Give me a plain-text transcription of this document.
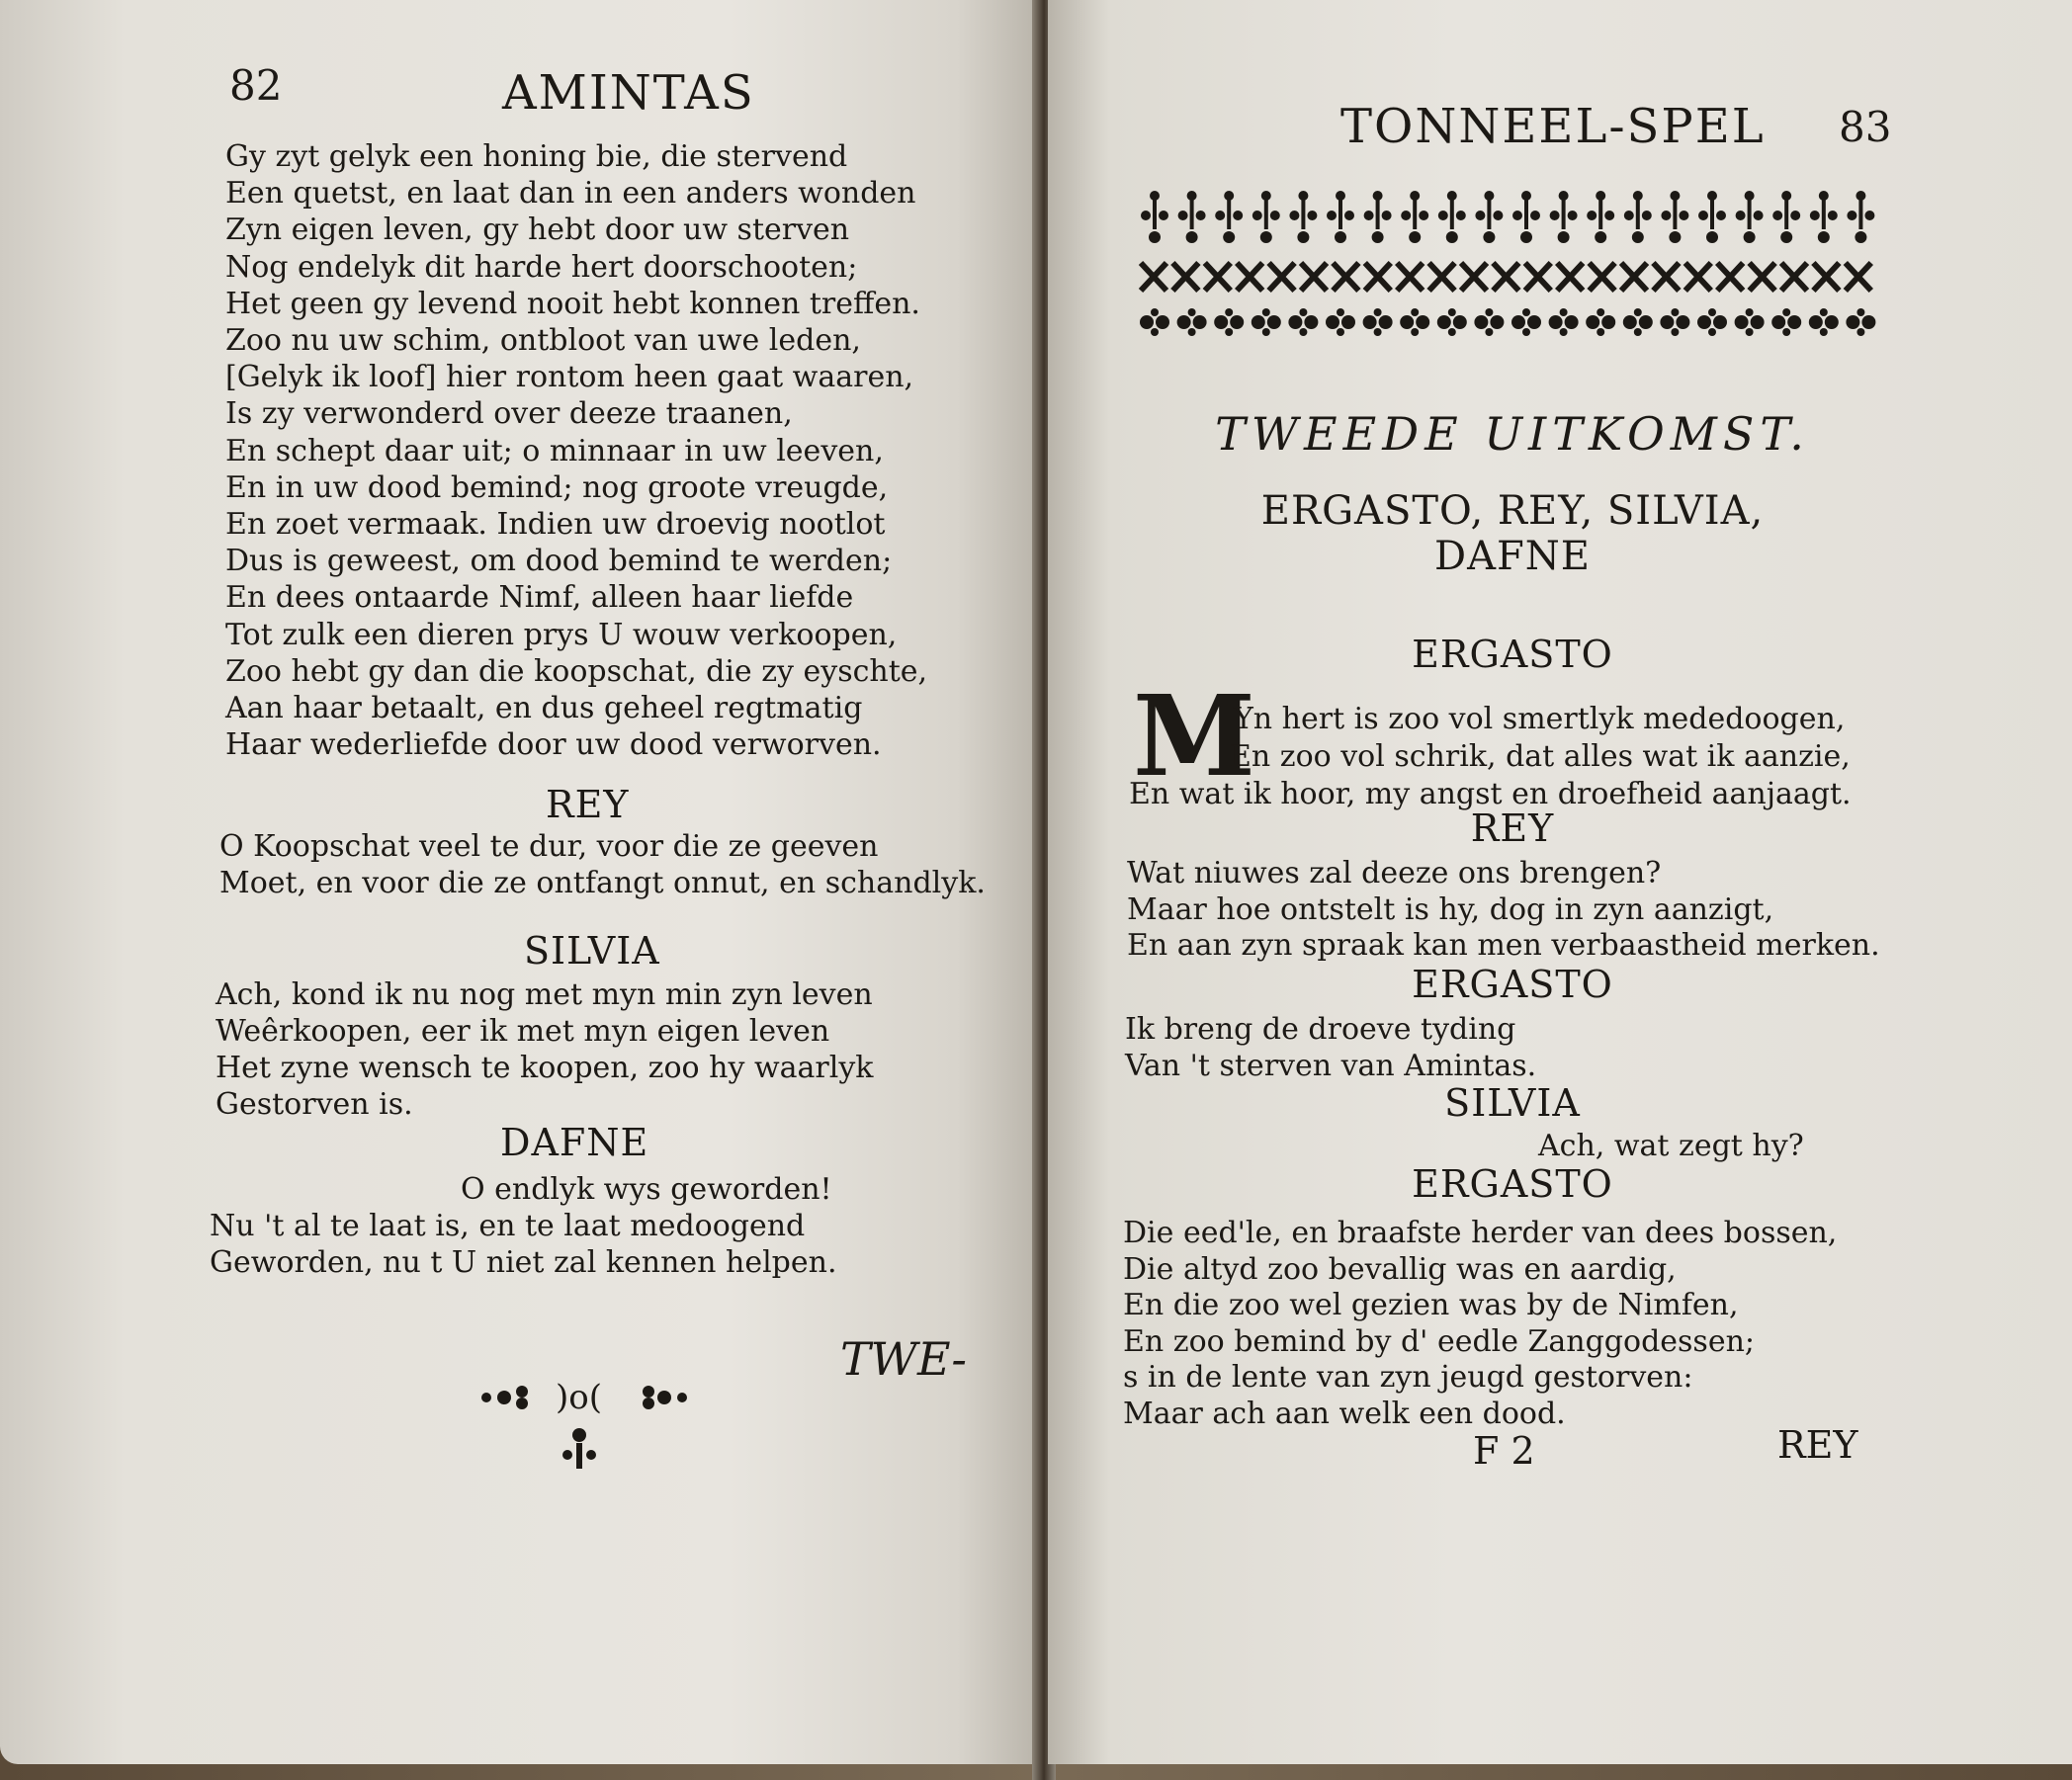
82	AMINTAS
Gy zyt gelyk een honing bie, die stervend
Een quetst, en laat dan in een anders wonden
Zyn eigen leven, gy hebt door uw sterven
Nog endelyk dit harde hert doorschooten;
Het geen gy levend nooit hebt konnen treffen.
Zoo nu uw schim, ontbloot van uwe leden,
[Gelyk ik loof] hier rontom heen gaat waaren,
Is zy verwonderd over deeze traanen,
En schept daar uit; o minnaar in uw leeven,
En in uw dood bemind; nog groote vreugde,
En zoet vermaak. Indien uw droevig nootlot
Dus is geweest, om dood bemind te werden;
En dees ontaarde Nimf, alleen haar liefde
Tot zulk een dieren prys U wouw verkoopen,
Zoo hebt gy dan die koopschat, die zy eyschte,
Aan haar betaalt, en dus geheel regtmatig
Haar wederliefde door uw dood verworven.
REY
O Koopschat veel te dur, voor die ze geeven
Moet, en voor die ze ontfangt onnut, en schandlyk.
SILVIA
Ach, kond ik nu nog met myn min zyn leven
Weêrkoopen, eer ik met myn eigen leven
Het zyne wensch te koopen, zoo hy waarlyk
Gestorven is.
DAFNE
O endlyk wys geworden!
Nu 't al te laat is, en te laat medoogend
Geworden, nu t U niet zal kennen helpen.
TWE-
)o(
TONNEEL-SPEL 83
TWEEDE UITKOMST.
ERGASTO, REY, SILVIA,
DAFNE
ERGASTO
M
Yn hert is zoo vol smertlyk mededoogen,
En zoo vol schrik, dat alles wat ik aanzie,
En wat ik hoor, my angst en droefheid aanjaagt.
REY
Wat niuwes zal deeze ons brengen?
Maar hoe ontstelt is hy, dog in zyn aanzigt,
En aan zyn spraak kan men verbaastheid merken.
ERGASTO
Ik breng de droeve tyding
Van 't sterven van Amintas.
SILVIA
Ach, wat zegt hy?
ERGASTO
Die eed'le, en braafste herder van dees bossen,
Die altyd zoo bevallig was en aardig,
En die zoo wel gezien was by de Nimfen,
En zoo bemind by d' eedle Zanggodessen;
s in de lente van zyn jeugd gestorven:
Maar ach aan welk een dood.
F 2	REY
